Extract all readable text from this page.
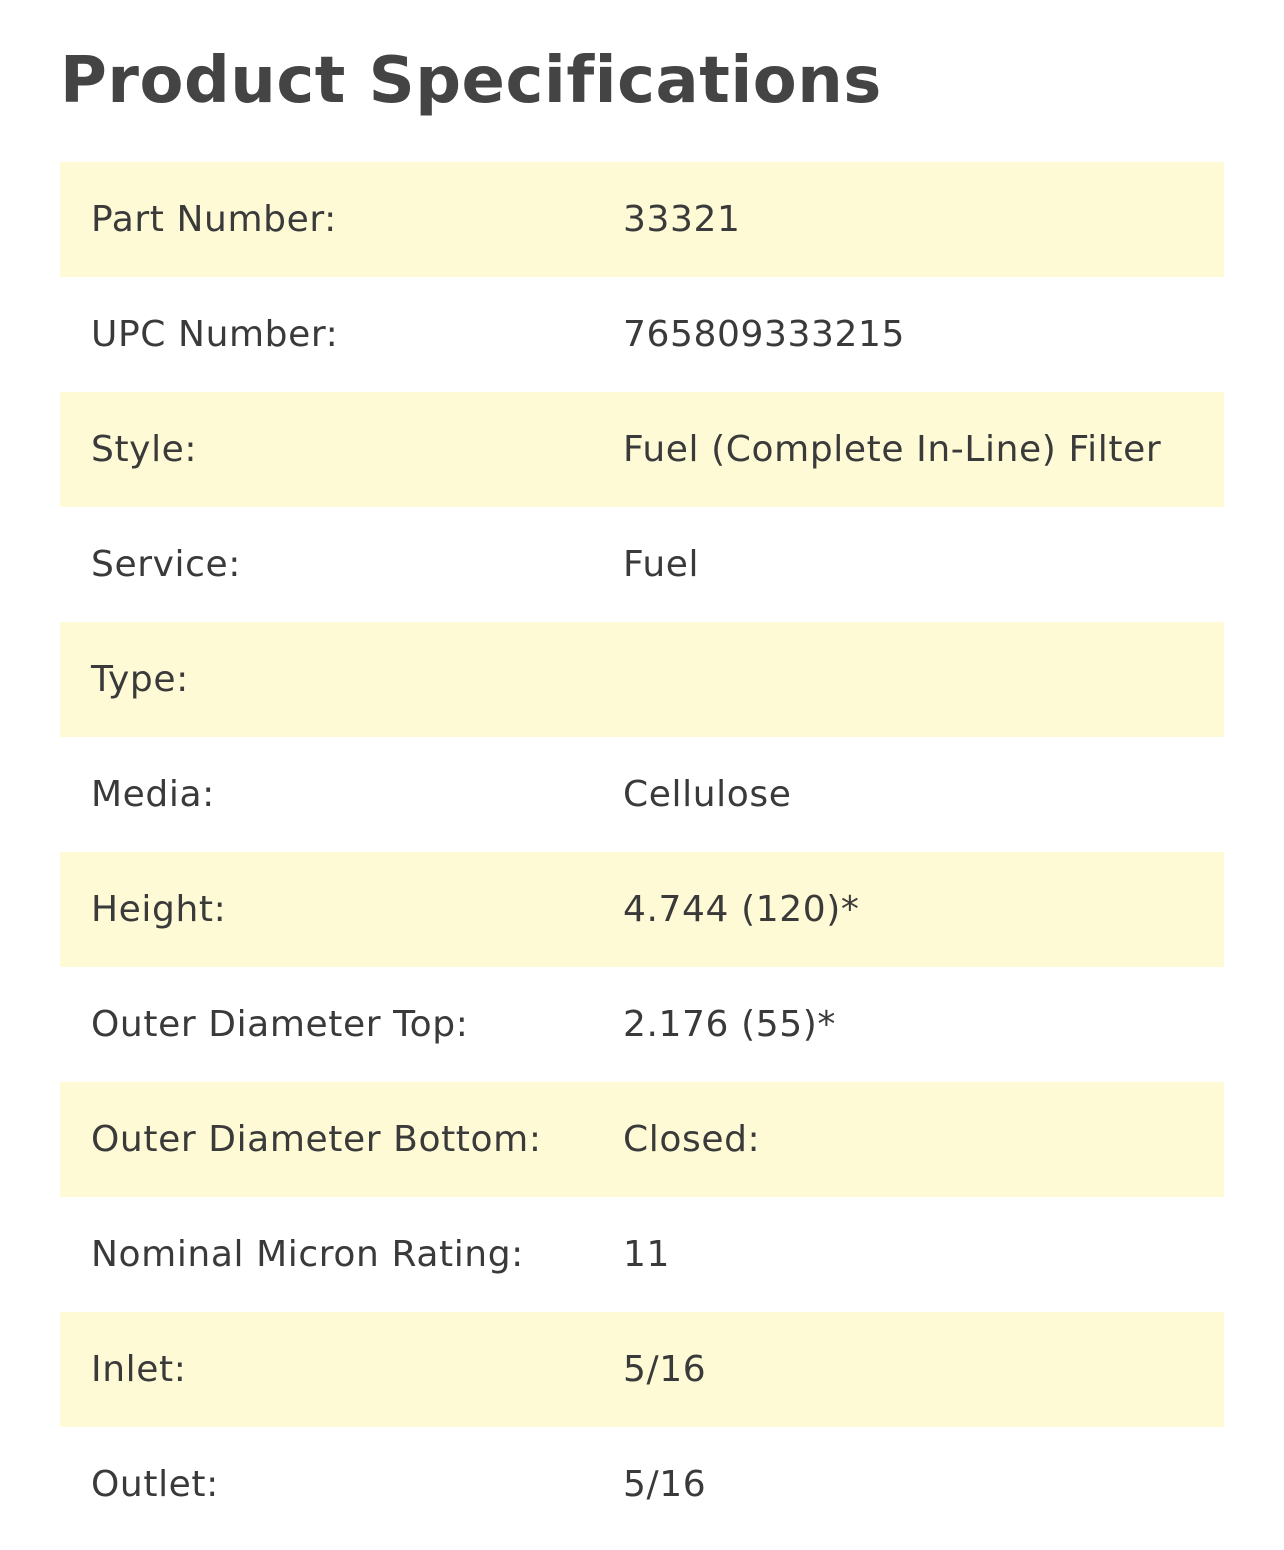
Product Specifications
Part Number:	33321
UPC Number:	765809333215
Style:	Fuel (Complete In-Line) Filter
Service:	Fuel
Type:	
Media:	Cellulose
Height:	4.744 (120)*
Outer Diameter Top:	2.176 (55)*
Outer Diameter Bottom:	Closed:
Nominal Micron Rating:	11
Inlet:	5/16
Outlet:	5/16
